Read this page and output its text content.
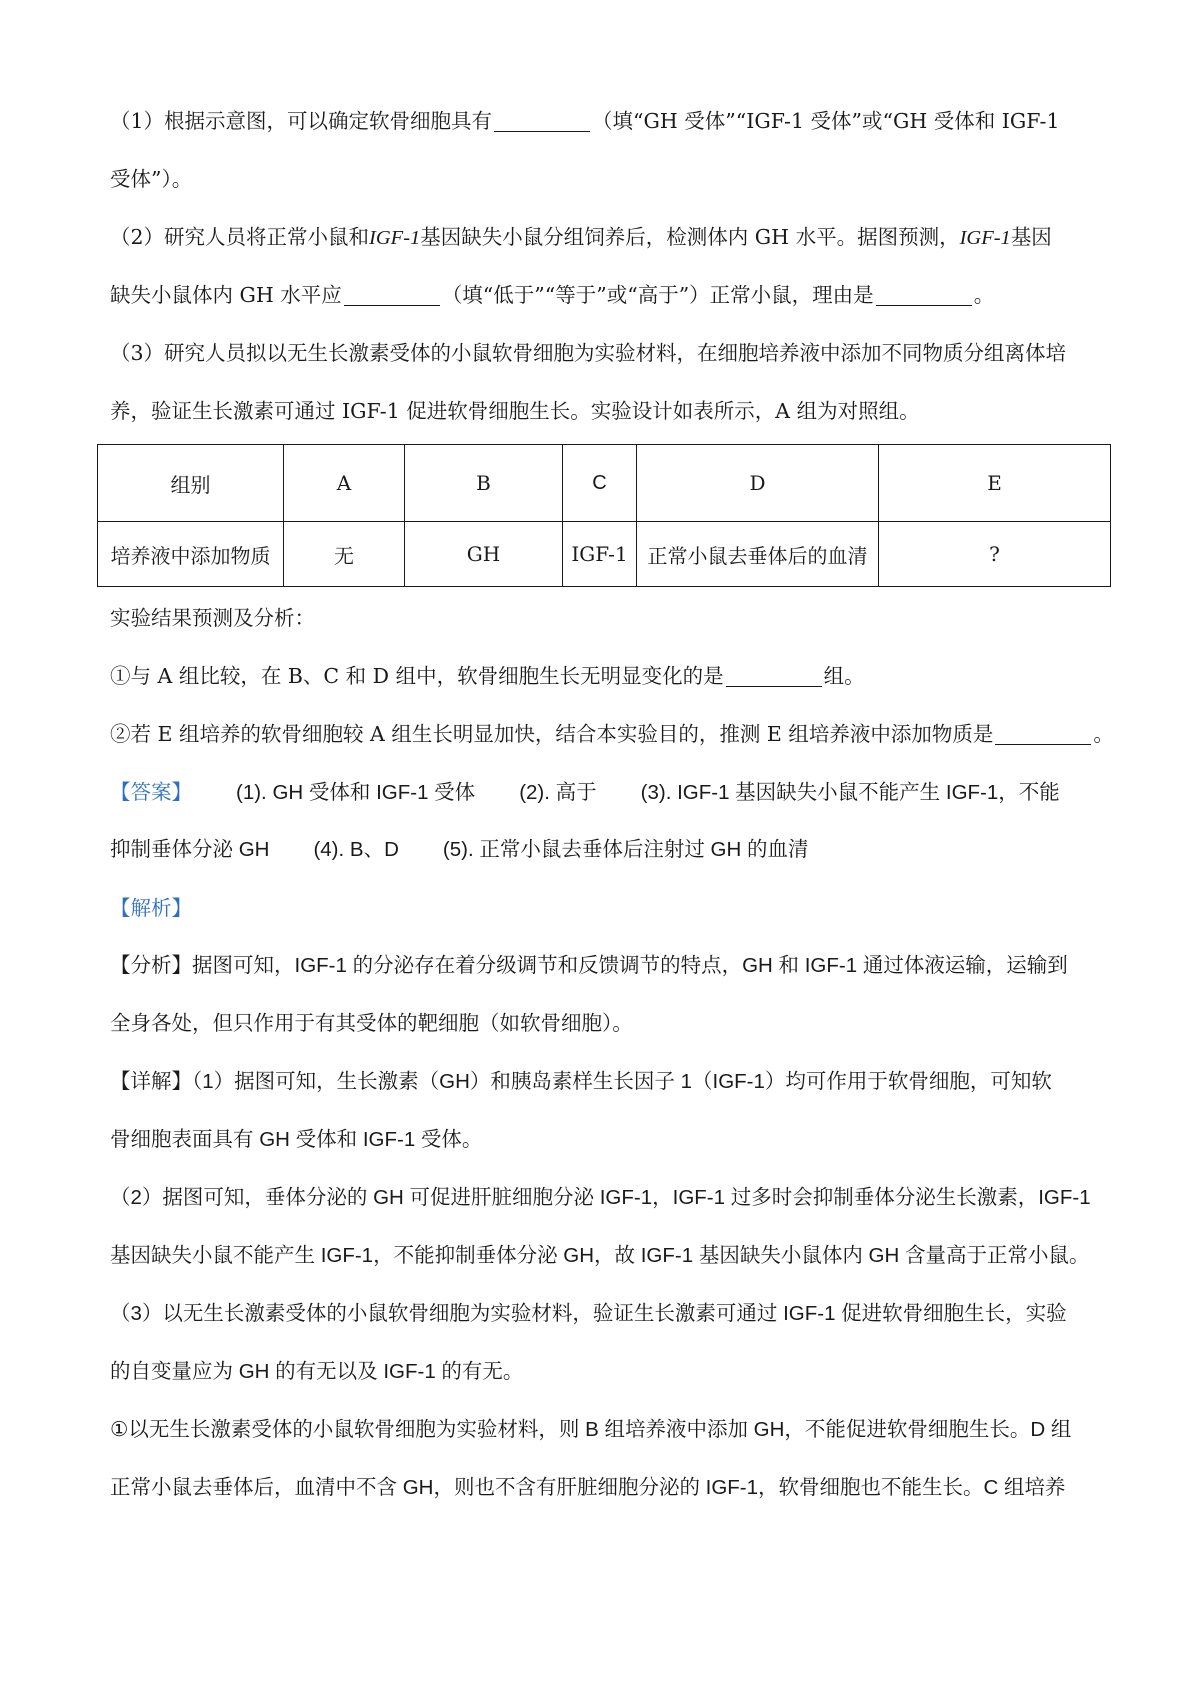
（1）根据示意图，可以确定软骨细胞具有	（填“GH 受体”“IGF-1 受体”或“GH 受体和 IGF-1
受体”）。
（2）研究人员将正常小鼠和IGF-1基因缺失小鼠分组饲养后，检测体内 GH 水平。据图预测，IGF-1基因
缺失小鼠体内 GH 水平应	（填“低于”“等于”或“高于”）正常小鼠，理由是	。
（3）研究人员拟以无生长激素受体的小鼠软骨细胞为实验材料，在细胞培养液中添加不同物质分组离体培
养，验证生长激素可通过 IGF-1 促进软骨细胞生长。实验设计如表所示，A 组为对照组。
组别	A	B	C	D	E
培养液中添加物质	无	GH	IGF-1	正常小鼠去垂体后的血清	?
实验结果预测及分析：
①与 A 组比较，在 B、C 和 D 组中，软骨细胞生长无明显变化的是	组。
②若 E 组培养的软骨细胞较 A 组生长明显加快，结合本实验目的，推测 E 组培养液中添加物质是	。
【答案】 (1). GH 受体和 IGF-1 受体 (2). 高于 (3). IGF-1 基因缺失小鼠不能产生 IGF-1，不能
抑制垂体分泌 GH (4). B、D (5). 正常小鼠去垂体后注射过 GH 的血清
【解析】
【分析】据图可知，IGF-1 的分泌存在着分级调节和反馈调节的特点，GH 和 IGF-1 通过体液运输，运输到
全身各处，但只作用于有其受体的靶细胞（如软骨细胞）。
【详解】（1）据图可知，生长激素（GH）和胰岛素样生长因子 1（IGF-1）均可作用于软骨细胞，可知软
骨细胞表面具有 GH 受体和 IGF-1 受体。
（2）据图可知，垂体分泌的 GH 可促进肝脏细胞分泌 IGF-1，IGF-1 过多时会抑制垂体分泌生长激素，IGF-1
基因缺失小鼠不能产生 IGF-1，不能抑制垂体分泌 GH，故 IGF-1 基因缺失小鼠体内 GH 含量高于正常小鼠。
（3）以无生长激素受体的小鼠软骨细胞为实验材料，验证生长激素可通过 IGF-1 促进软骨细胞生长，实验
的自变量应为 GH 的有无以及 IGF-1 的有无。
①以无生长激素受体的小鼠软骨细胞为实验材料，则 B 组培养液中添加 GH，不能促进软骨细胞生长。D 组
正常小鼠去垂体后，血清中不含 GH，则也不含有肝脏细胞分泌的 IGF-1，软骨细胞也不能生长。C 组培养
